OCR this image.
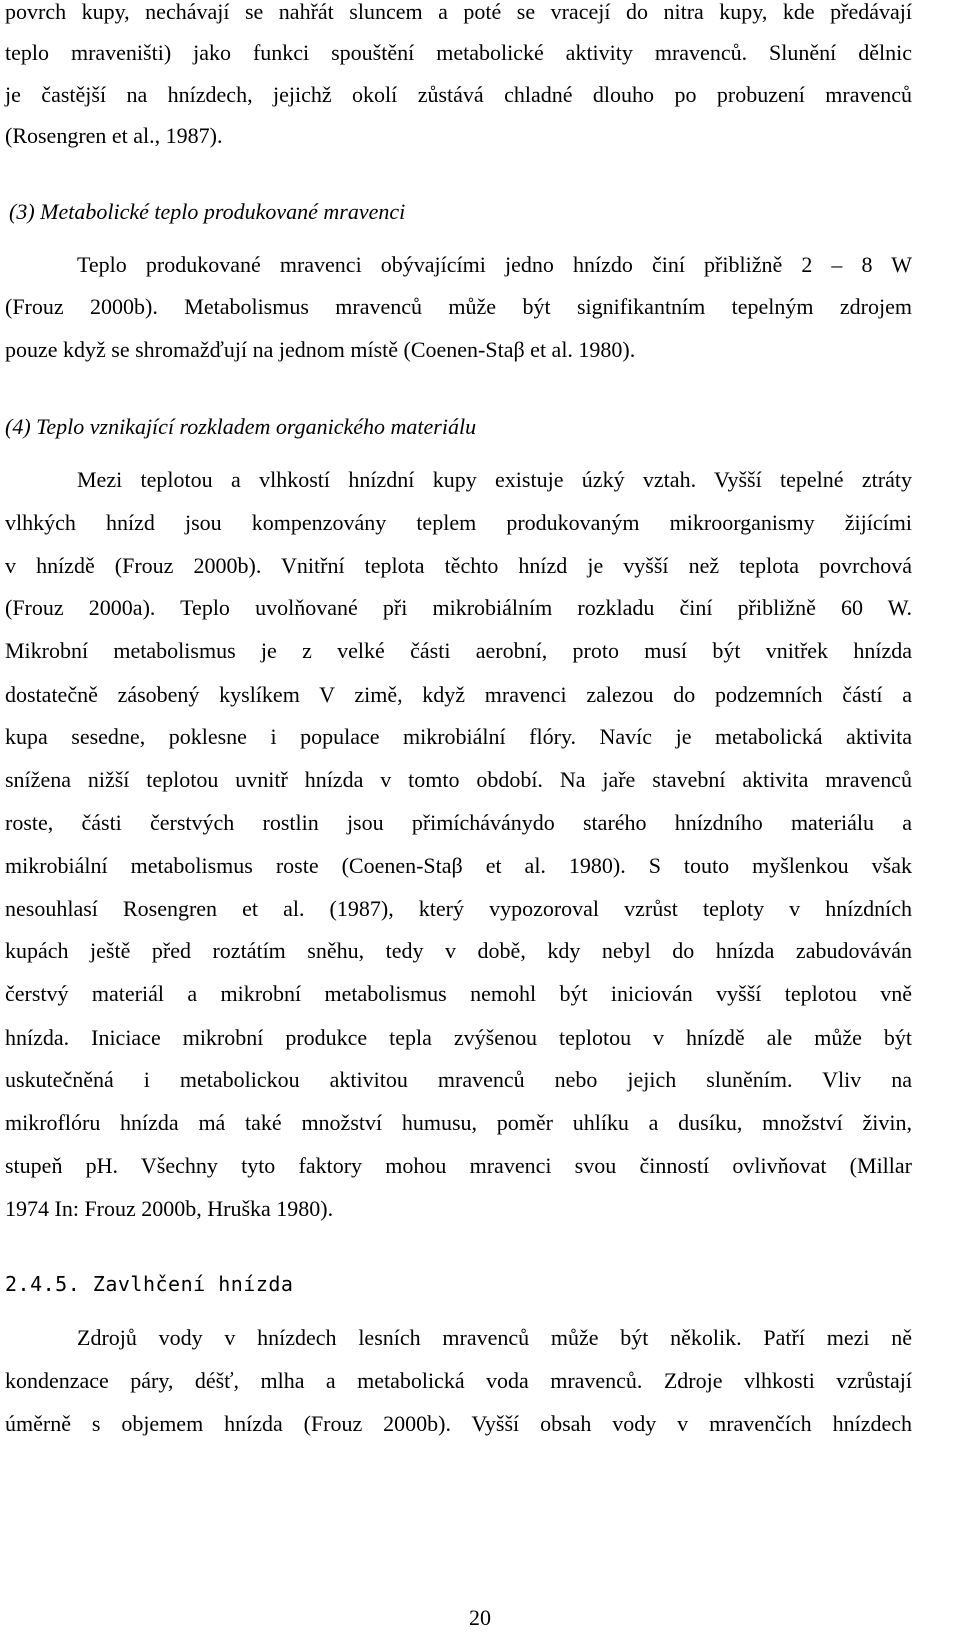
povrch kupy, nechávají se nahřát sluncem a poté se vracejí do nitra kupy, kde předávají
teplo mraveništi) jako funkci spouštění metabolické aktivity mravenců. Slunění dělnic
je častější na hnízdech, jejichž okolí zůstává chladné dlouho po probuzení mravenců
(Rosengren et al., 1987).
(3) Metabolické teplo produkované mravenci
Teplo produkované mravenci obývajícími jedno hnízdo činí přibližně 2 – 8 W
(Frouz 2000b). Metabolismus mravenců může být signifikantním tepelným zdrojem
pouze když se shromažďují na jednom místě (Coenen-Staβ et al. 1980).
(4) Teplo vznikající rozkladem organického materiálu
Mezi teplotou a vlhkostí hnízdní kupy existuje úzký vztah. Vyšší tepelné ztráty
vlhkých hnízd jsou kompenzovány teplem produkovaným mikroorganismy žijícími
v hnízdě (Frouz 2000b). Vnitřní teplota těchto hnízd je vyšší než teplota povrchová
(Frouz 2000a). Teplo uvolňované při mikrobiálním rozkladu činí přibližně 60 W.
Mikrobní metabolismus je z velké části aerobní, proto musí být vnitřek hnízda
dostatečně zásobený kyslíkem V zimě, když mravenci zalezou do podzemních částí a
kupa sesedne, poklesne i populace mikrobiální flóry. Navíc je metabolická aktivita
snížena nižší teplotou uvnitř hnízda v tomto období. Na jaře stavební aktivita mravenců
roste, části čerstvých rostlin jsou přimícháványdo starého hnízdního materiálu a
mikrobiální metabolismus roste (Coenen-Staβ et al. 1980). S touto myšlenkou však
nesouhlasí Rosengren et al. (1987), který vypozoroval vzrůst teploty v hnízdních
kupách ještě před roztátím sněhu, tedy v době, kdy nebyl do hnízda zabudováván
čerstvý materiál a mikrobní metabolismus nemohl být iniciován vyšší teplotou vně
hnízda. Iniciace mikrobní produkce tepla zvýšenou teplotou v hnízdě ale může být
uskutečněná i metabolickou aktivitou mravenců nebo jejich sluněním. Vliv na
mikroflóru hnízda má také množství humusu, poměr uhlíku a dusíku, množství živin,
stupeň pH. Všechny tyto faktory mohou mravenci svou činností ovlivňovat (Millar
1974 In: Frouz 2000b, Hruška 1980).
2.4.5. Zavlhčení hnízda
Zdrojů vody v hnízdech lesních mravenců může být několik. Patří mezi ně
kondenzace páry, déšť, mlha a metabolická voda mravenců. Zdroje vlhkosti vzrůstají
úměrně s objemem hnízda (Frouz 2000b). Vyšší obsah vody v mravenčích hnízdech
20
